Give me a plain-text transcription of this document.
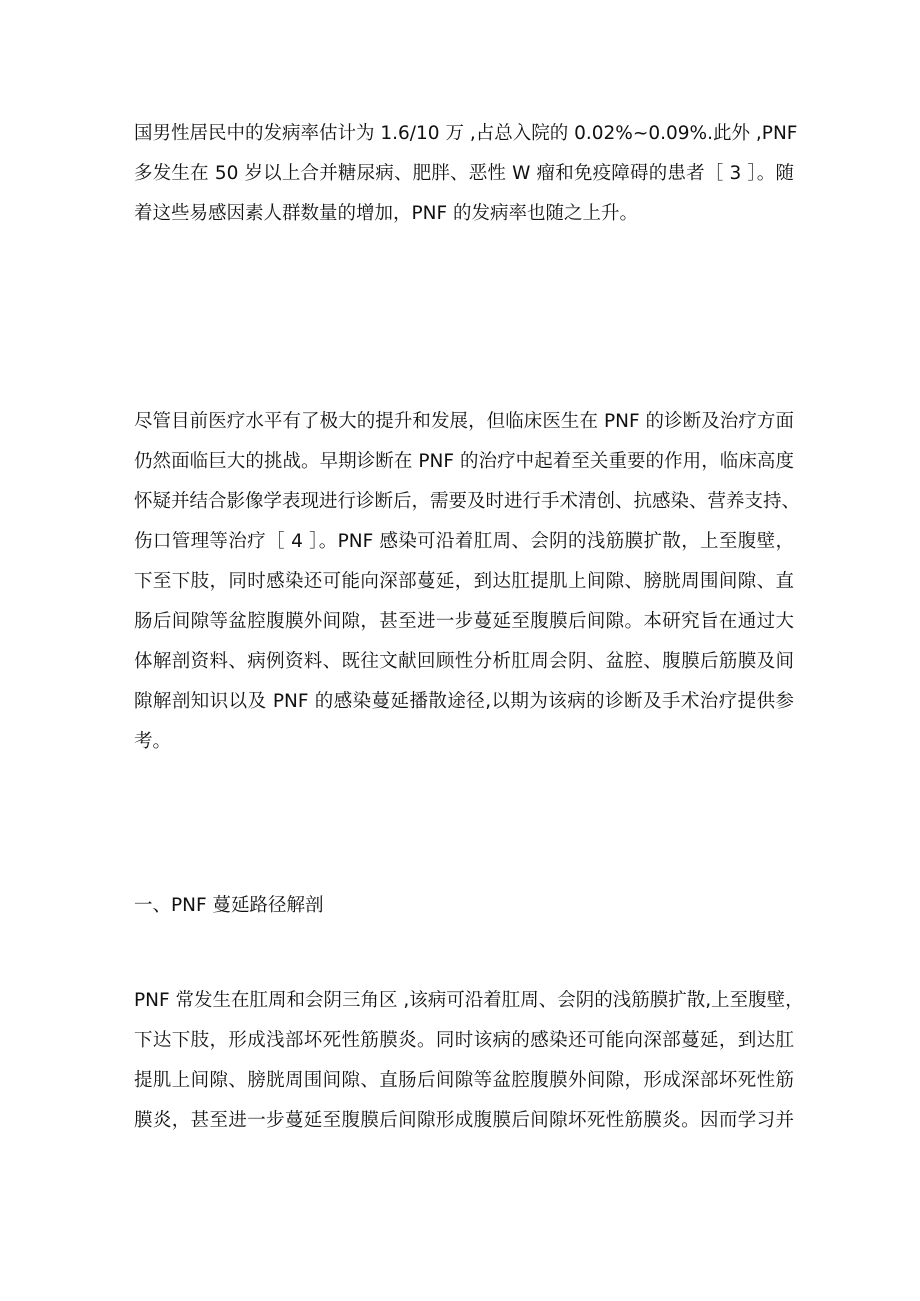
国男性居民中的发病率估计为 1.6/10 万 ,占总入院的 0.02%~0.09%.此外 ,PNF
多发生在 50 岁以上合并糖尿病、肥胖、恶性 W 瘤和免疫障碍的患者［ 3 ］。随
着这些易感因素人群数量的增加，PNF 的发病率也随之上升。
尽管目前医疗水平有了极大的提升和发展，但临床医生在 PNF 的诊断及治疗方面
仍然面临巨大的挑战。早期诊断在 PNF 的治疗中起着至关重要的作用，临床高度
怀疑并结合影像学表现进行诊断后，需要及时进行手术清创、抗感染、营养支持、
伤口管理等治疗［ 4 ］。PNF 感染可沿着肛周、会阴的浅筋膜扩散，上至腹壁，
下至下肢，同时感染还可能向深部蔓延，到达肛提肌上间隙、膀胱周围间隙、直
肠后间隙等盆腔腹膜外间隙，甚至进一步蔓延至腹膜后间隙。本研究旨在通过大
体解剖资料、病例资料、既往文献回顾性分析肛周会阴、盆腔、腹膜后筋膜及间
隙解剖知识以及 PNF 的感染蔓延播散途径,以期为该病的诊断及手术治疗提供参
考。
一、PNF 蔓延路径解剖
PNF 常发生在肛周和会阴三角区 ,该病可沿着肛周、会阴的浅筋膜扩散,上至腹壁，
下达下肢，形成浅部坏死性筋膜炎。同时该病的感染还可能向深部蔓延，到达肛
提肌上间隙、膀胱周围间隙、直肠后间隙等盆腔腹膜外间隙，形成深部坏死性筋
膜炎，甚至进一步蔓延至腹膜后间隙形成腹膜后间隙坏死性筋膜炎。因而学习并
